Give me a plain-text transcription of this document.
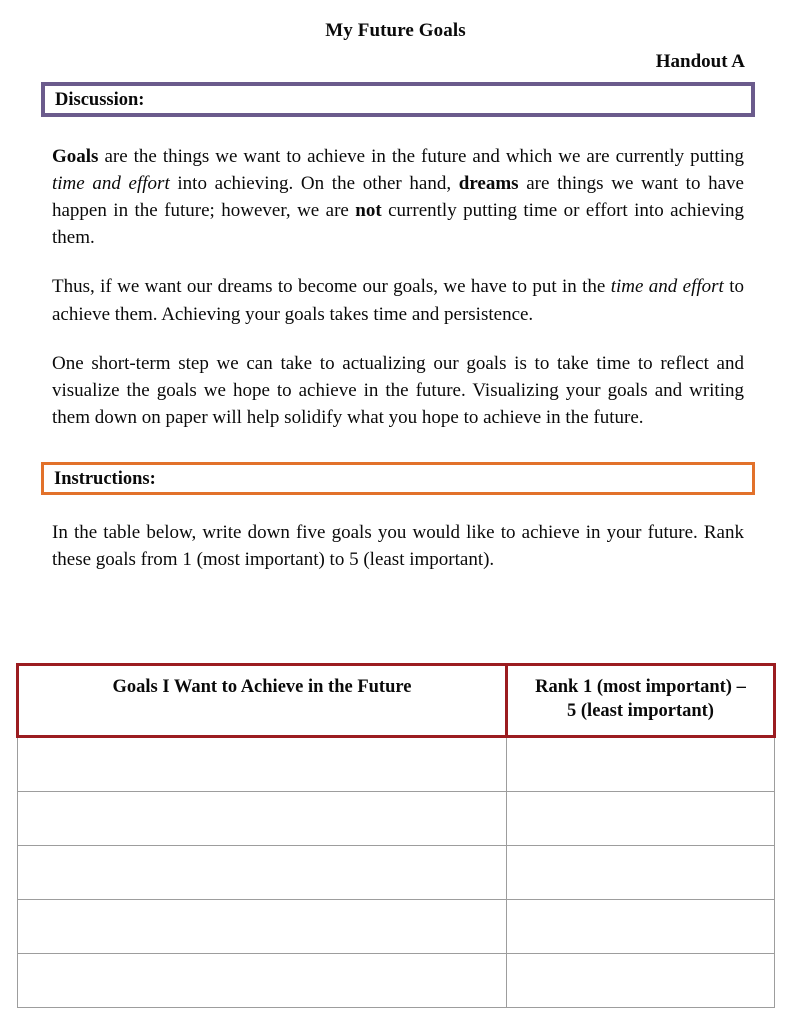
My Future Goals
Handout A
Discussion:

Goals are the things we want to achieve in the future and which we are currently putting time and effort into achieving. On the other hand, dreams are things we want to have happen in the future; however, we are not currently putting time or effort into achieving them.

Thus, if we want our dreams to become our goals, we have to put in the time and effort to achieve them. Achieving your goals takes time and persistence.

One short-term step we can take to actualizing our goals is to take time to reflect and visualize the goals we hope to achieve in the future. Visualizing your goals and writing them down on paper will help solidify what you hope to achieve in the future.

Instructions:

In the table below, write down five goals you would like to achieve in your future. Rank these goals from 1 (most important) to 5 (least important).

Goals I Want to Achieve in the Future	Rank 1 (most important) – 5 (least important)
